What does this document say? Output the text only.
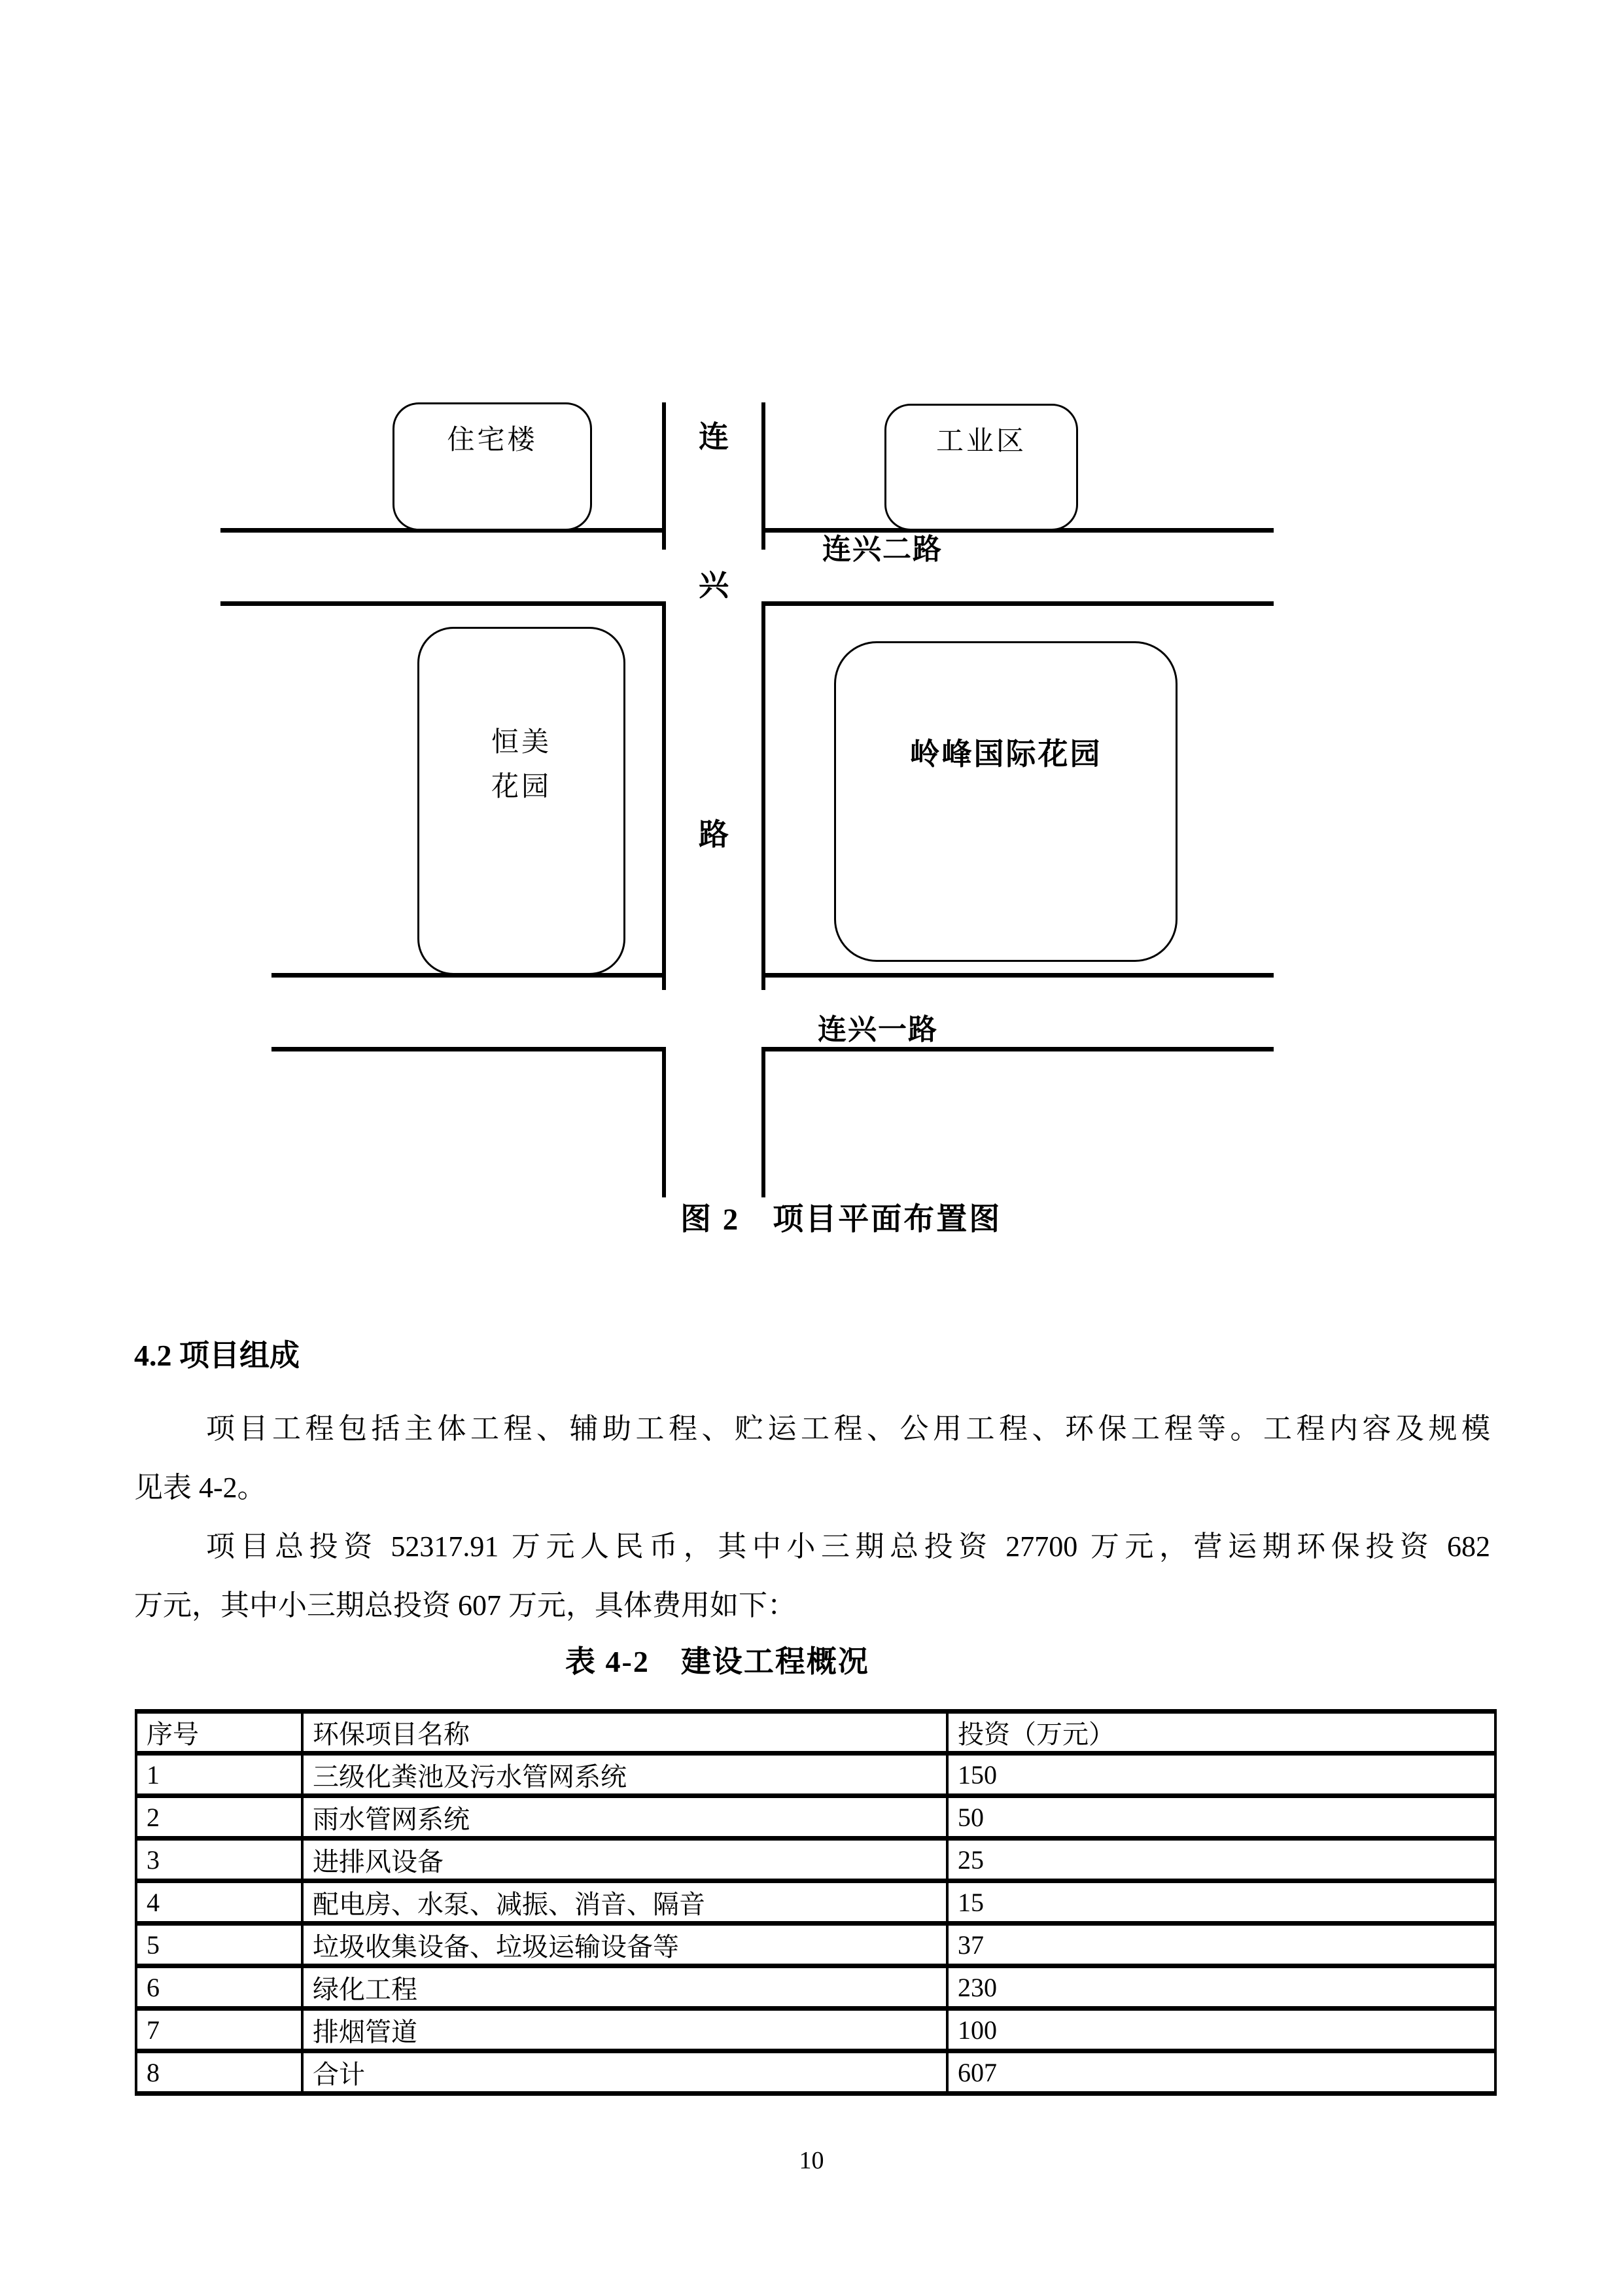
住宅楼	工业区
恒美
花园
岭峰国际花园
连
兴
路
连兴二路
连兴一路
图 2　项目平面布置图
4.2 项目组成
项目工程包括主体工程、辅助工程、贮运工程、公用工程、环保工程等。工程内容及规模
见表 4-2。
项目总投资 52317.91 万元人民币，其中小三期总投资 27700 万元，营运期环保投资 682
万元，其中小三期总投资 607 万元，具体费用如下：
表 4-2　建设工程概况
序号	环保项目名称	投资（万元）
1	三级化粪池及污水管网系统	150
2	雨水管网系统	50
3	进排风设备	25
4	配电房、水泵、减振、消音、隔音	15
5	垃圾收集设备、垃圾运输设备等	37
6	绿化工程	230
7	排烟管道	100
8	合计	607
10
